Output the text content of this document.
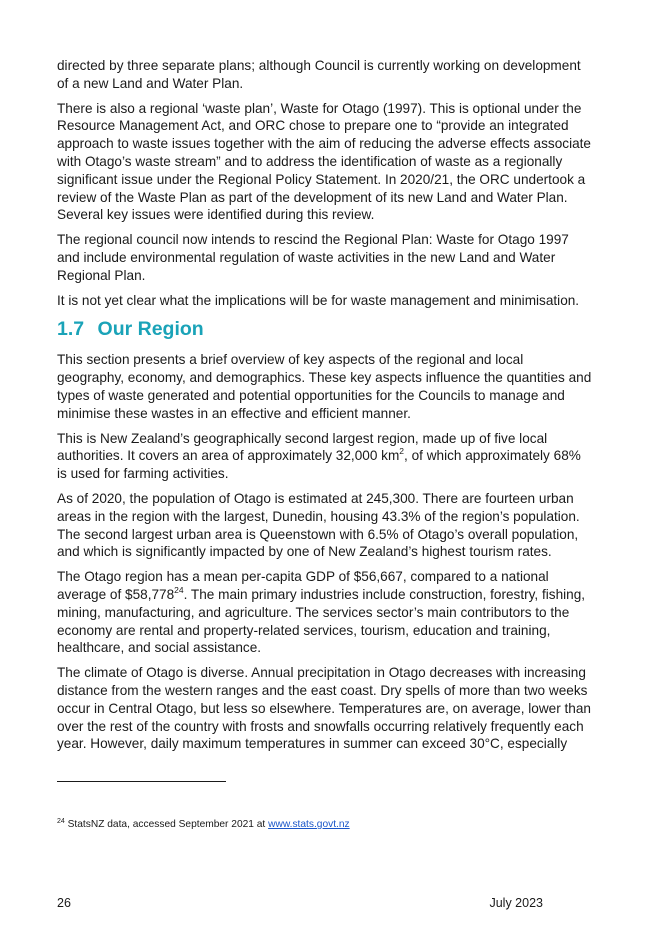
directed by three separate plans; although Council is currently working on development of a new Land and Water Plan.

There is also a regional ‘waste plan’, Waste for Otago (1997). This is optional under the Resource Management Act, and ORC chose to prepare one to “provide an integrated approach to waste issues together with the aim of reducing the adverse effects associate with Otago’s waste stream” and to address the identification of waste as a regionally significant issue under the Regional Policy Statement. In 2020/21, the ORC undertook a review of the Waste Plan as part of the development of its new Land and Water Plan. Several key issues were identified during this review.

The regional council now intends to rescind the Regional Plan: Waste for Otago 1997 and include environmental regulation of waste activities in the new Land and Water Regional Plan.

It is not yet clear what the implications will be for waste management and minimisation.

1.7 Our Region

This section presents a brief overview of key aspects of the regional and local geography, economy, and demographics. These key aspects influence the quantities and types of waste generated and potential opportunities for the Councils to manage and minimise these wastes in an effective and efficient manner.

This is New Zealand’s geographically second largest region, made up of five local authorities. It covers an area of approximately 32,000 $km^2$, of which approximately 68% is used for farming activities.

As of 2020, the population of Otago is estimated at 245,300. There are fourteen urban areas in the region with the largest, Dunedin, housing 43.3% of the region’s population. The second largest urban area is Queenstown with 6.5% of Otago’s overall population, and which is significantly impacted by one of New Zealand’s highest tourism rates.

The Otago region has a mean per-capita GDP of $56,667, compared to a national average of $58,778$^{24}$. The main primary industries include construction, forestry, fishing, mining, manufacturing, and agriculture. The services sector’s main contributors to the economy are rental and property-related services, tourism, education and training, healthcare, and social assistance.

The climate of Otago is diverse. Annual precipitation in Otago decreases with increasing distance from the western ranges and the east coast. Dry spells of more than two weeks occur in Central Otago, but less so elsewhere. Temperatures are, on average, lower than over the rest of the country with frosts and snowfalls occurring relatively frequently each year. However, daily maximum temperatures in summer can exceed 30°C, especially

$^{24}$ StatsNZ data, accessed September 2021 at www.stats.govt.nz
26	July 2023
